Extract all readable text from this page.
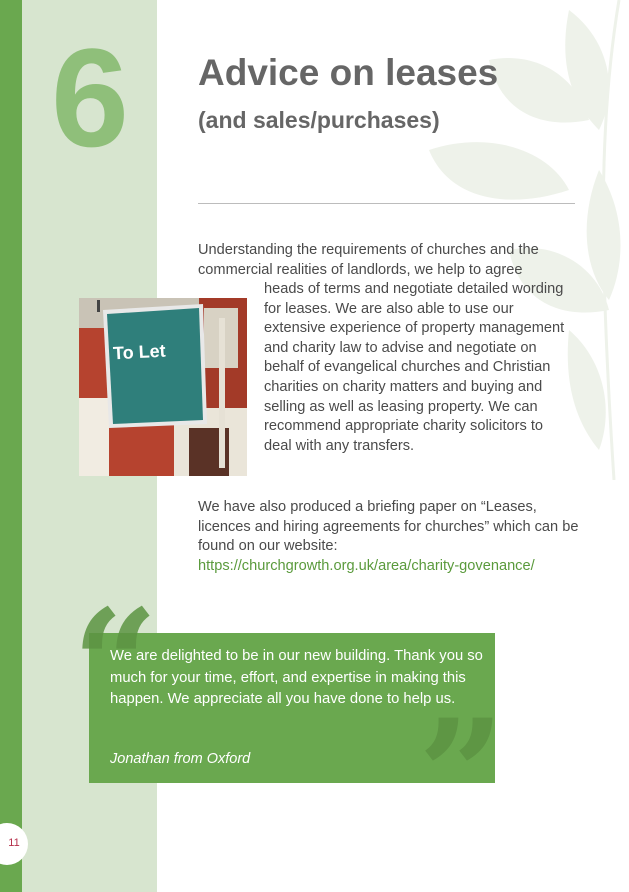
6 Advice on leases
(and sales/purchases)
Understanding the requirements of churches and the commercial realities of landlords, we help to agree
To Let
heads of terms and negotiate detailed wording for leases. We are also able to use our
extensive experience of property management and charity law to advise and negotiate on behalf of evangelical churches and Christian charities on charity matters and buying and selling as well as leasing property. We can recommend appropriate charity solicitors to deal with any transfers.
We have also produced a briefing paper on “Leases, licences and hiring agreements for churches” which can be found on our website:
https://churchgrowth.org.uk/area/charity-govenance/
“
”
We are delighted to be in our new building. Thank you so much for your time, effort, and expertise in making this happen. We appreciate all you have done to help us.
Jonathan from Oxford
11
